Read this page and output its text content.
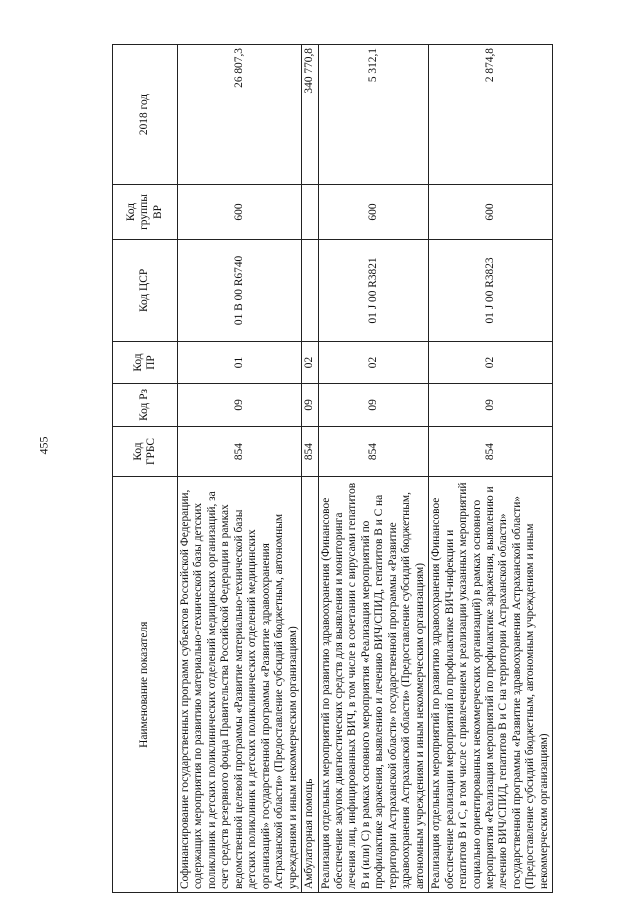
455
Наименование показателя	Код ГРБС	Код Рз	Код ПР	Код ЦСР	Код группы ВР	2018 год
Софинансирование государственных программ субъектов Российской Федерации, содержащих мероприятия по развитию материально-технической базы детских поликлиник и детских поликлинических отделений медицинских организаций, за счет средств резервного фонда Правительства Российской Федерации в рамках ведомственной целевой программы «Развитие материально-технической базы детских поликлиник и детских поликлинических отделений медицинских организаций» государственной программы «Развитие здравоохранения Астраханской области» (Предоставление субсидий бюджетным, автономным учреждениям и иным некоммерческим организациям)	854	09	01	01 В 00 R6740	600	26 807,3
Амбулаторная помощь	854	09	02			340 770,8
Реализация отдельных мероприятий по развитию здравоохранения (Финансовое обеспечение закупок диагностических средств для выявления и мониторинга лечения лиц, инфицированных ВИЧ, в том числе в сочетании с вирусами гепатитов В и (или) С) в рамках основного мероприятия «Реализация мероприятий по профилактике заражения, выявлению и лечению ВИЧ/СПИД, гепатитов В и С на территории Астраханской области» государственной программы «Развитие здравоохранения Астраханской области» (Предоставление субсидий бюджетным, автономным учреждениям и иным некоммерческим организациям)	854	09	02	01 J 00 R3821	600	5 312,1
Реализация отдельных мероприятий по развитию здравоохранения (Финансовое обеспечение реализации мероприятий по профилактике ВИЧ-инфекции и гепатитов В и С, в том числе с привлечением к реализации указанных мероприятий социально ориентированных некоммерческих организаций) в рамках основного мероприятия «Реализация мероприятий по профилактике заражения, выявлению и лечению ВИЧ/СПИД, гепатитов В и С на территории Астраханской области» государственной программы «Развитие здравоохранения Астраханской области» (Предоставление субсидий бюджетным, автономным учреждениям и иным некоммерческим организациям)	854	09	02	01 J 00 R3823	600	2 874,8
